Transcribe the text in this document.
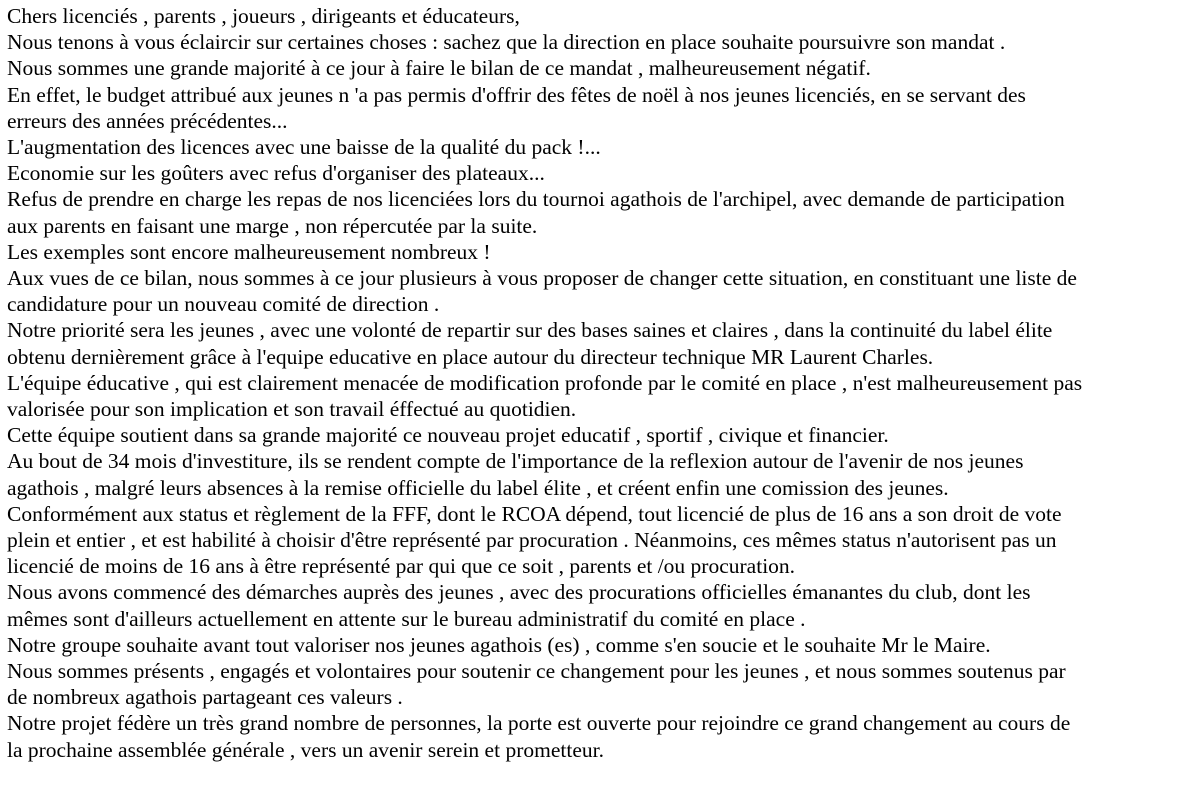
Chers licenciés , parents , joueurs , dirigeants et éducateurs,

Nous tenons à vous éclaircir sur certaines choses : sachez que la direction en place souhaite poursuivre son mandat .

Nous sommes une grande majorité à ce jour à faire le bilan de ce mandat , malheureusement négatif.

En effet, le budget attribué aux jeunes n 'a pas permis d'offrir des fêtes de noël à nos jeunes licenciés, en se servant des

erreurs des années précédentes...

L'augmentation des licences avec une baisse de la qualité du pack !...

Economie sur les goûters avec refus d'organiser des plateaux...

Refus de prendre en charge les repas de nos licenciées lors du tournoi agathois de l'archipel, avec demande de participation

aux parents en faisant une marge , non répercutée par la suite.

Les exemples sont encore malheureusement nombreux !

Aux vues de ce bilan, nous sommes à ce jour plusieurs à vous proposer de changer cette situation, en constituant une liste de

candidature pour un nouveau comité de direction .

Notre priorité sera les jeunes , avec une volonté de repartir sur des bases saines et claires , dans la continuité du label élite

obtenu dernièrement grâce à l'equipe educative en place autour du directeur technique MR Laurent Charles.

L'équipe éducative , qui est clairement menacée de modification profonde par le comité en place , n'est malheureusement pas

valorisée pour son implication et son travail éffectué au quotidien.

Cette équipe soutient dans sa grande majorité ce nouveau projet educatif , sportif , civique et financier.

Au bout de 34 mois d'investiture, ils se rendent compte de l'importance de la reflexion autour de l'avenir de nos jeunes

agathois , malgré leurs absences à la remise officielle du label élite , et créent enfin une comission des jeunes.

Conformément aux status et règlement de la FFF, dont le RCOA dépend, tout licencié de plus de 16 ans a son droit de vote

plein et entier , et est habilité à choisir d'être représenté par procuration . Néanmoins, ces mêmes status n'autorisent pas un

licencié de moins de 16 ans à être représenté par qui que ce soit , parents et /ou procuration.

Nous avons commencé des démarches auprès des jeunes , avec des procurations officielles émanantes du club, dont les

mêmes sont d'ailleurs actuellement en attente sur le bureau administratif du comité en place .

Notre groupe souhaite avant tout valoriser nos jeunes agathois (es) , comme s'en soucie et le souhaite Mr le Maire.

Nous sommes présents , engagés et volontaires pour soutenir ce changement pour les jeunes , et nous sommes soutenus par

de nombreux agathois partageant ces valeurs .

Notre projet fédère un très grand nombre de personnes, la porte est ouverte pour rejoindre ce grand changement au cours de

la prochaine assemblée générale , vers un avenir serein et prometteur.
